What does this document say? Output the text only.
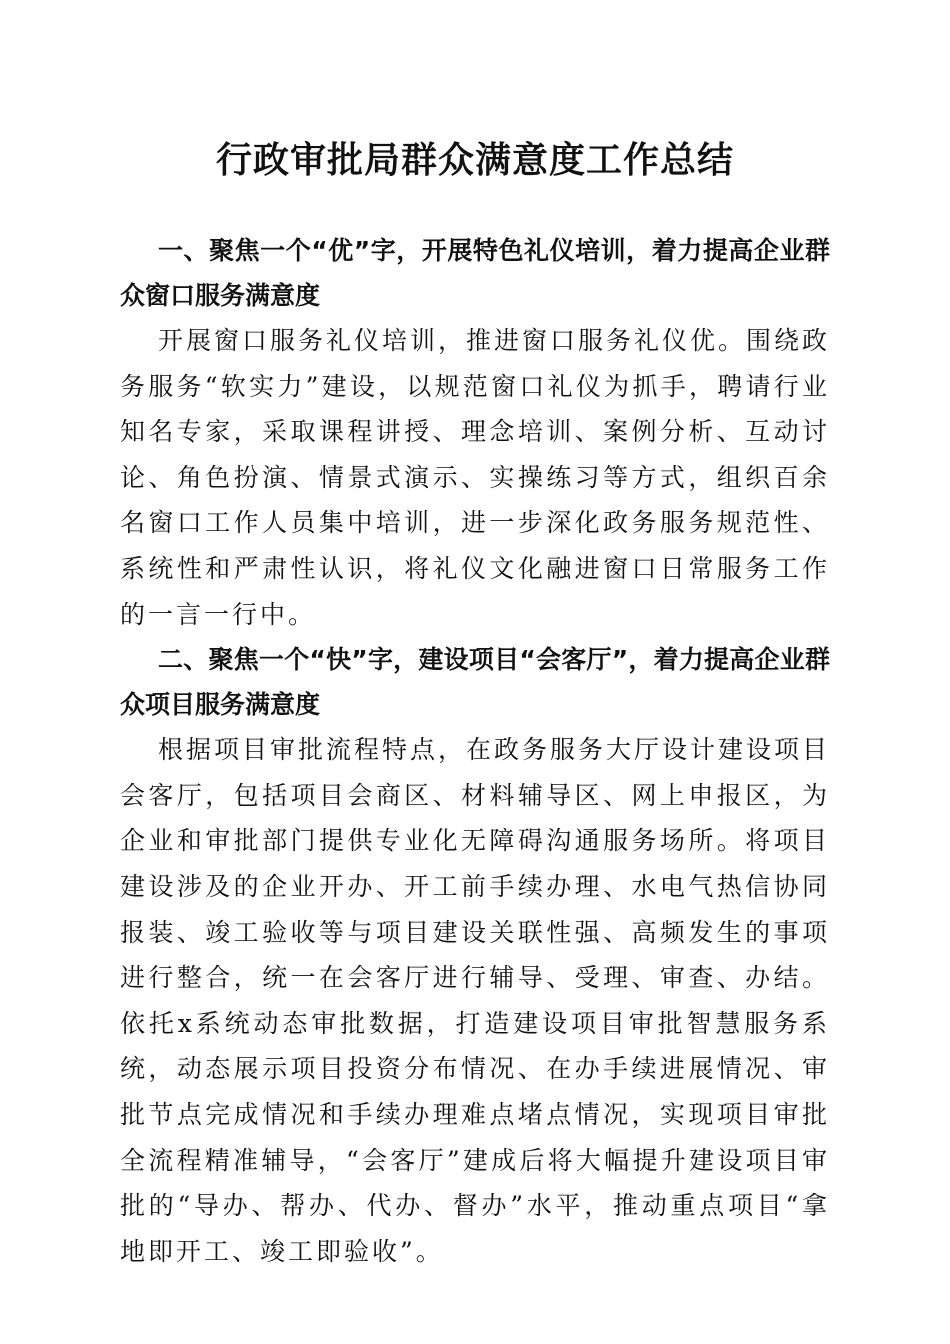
行政审批局群众满意度工作总结

一、聚焦一个“优”字，开展特色礼仪培训，着力提高企业群众窗口服务满意度

开展窗口服务礼仪培训，推进窗口服务礼仪优。围绕政务服务“软实力”建设，以规范窗口礼仪为抓手，聘请行业知名专家，采取课程讲授、理念培训、案例分析、互动讨论、角色扮演、情景式演示、实操练习等方式，组织百余名窗口工作人员集中培训，进一步深化政务服务规范性、系统性和严肃性认识，将礼仪文化融进窗口日常服务工作的一言一行中。

二、聚焦一个“快”字，建设项目“会客厅”，着力提高企业群众项目服务满意度

根据项目审批流程特点，在政务服务大厅设计建设项目会客厅，包括项目会商区、材料辅导区、网上申报区，为企业和审批部门提供专业化无障碍沟通服务场所。将项目建设涉及的企业开办、开工前手续办理、水电气热信协同报装、竣工验收等与项目建设关联性强、高频发生的事项进行整合，统一在会客厅进行辅导、受理、审查、办结。依托x系统动态审批数据，打造建设项目审批智慧服务系统，动态展示项目投资分布情况、在办手续进展情况、审批节点完成情况和手续办理难点堵点情况，实现项目审批全流程精准辅导，“会客厅”建成后将大幅提升建设项目审批的“导办、帮办、代办、督办”水平，推动重点项目“拿地即开工、竣工即验收”。
